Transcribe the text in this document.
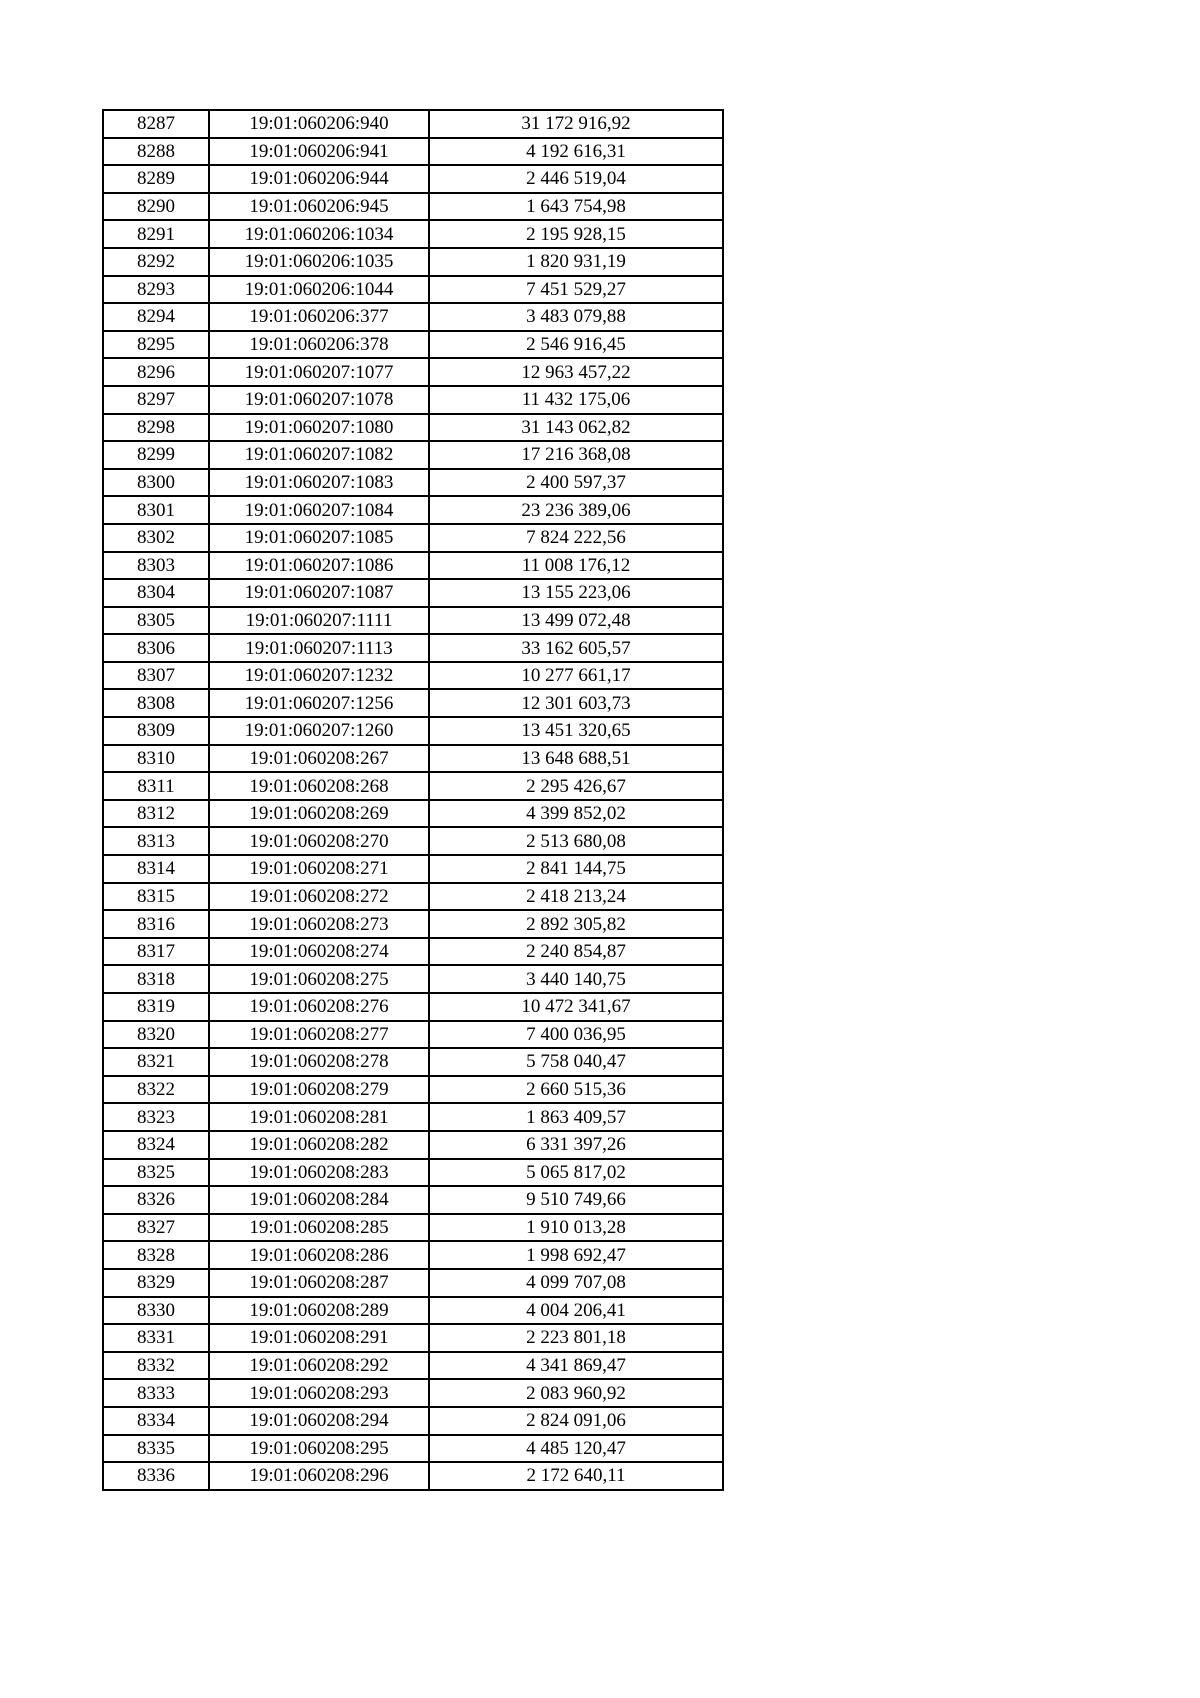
8287	19:01:060206:940	31 172 916,92
8288	19:01:060206:941	4 192 616,31
8289	19:01:060206:944	2 446 519,04
8290	19:01:060206:945	1 643 754,98
8291	19:01:060206:1034	2 195 928,15
8292	19:01:060206:1035	1 820 931,19
8293	19:01:060206:1044	7 451 529,27
8294	19:01:060206:377	3 483 079,88
8295	19:01:060206:378	2 546 916,45
8296	19:01:060207:1077	12 963 457,22
8297	19:01:060207:1078	11 432 175,06
8298	19:01:060207:1080	31 143 062,82
8299	19:01:060207:1082	17 216 368,08
8300	19:01:060207:1083	2 400 597,37
8301	19:01:060207:1084	23 236 389,06
8302	19:01:060207:1085	7 824 222,56
8303	19:01:060207:1086	11 008 176,12
8304	19:01:060207:1087	13 155 223,06
8305	19:01:060207:1111	13 499 072,48
8306	19:01:060207:1113	33 162 605,57
8307	19:01:060207:1232	10 277 661,17
8308	19:01:060207:1256	12 301 603,73
8309	19:01:060207:1260	13 451 320,65
8310	19:01:060208:267	13 648 688,51
8311	19:01:060208:268	2 295 426,67
8312	19:01:060208:269	4 399 852,02
8313	19:01:060208:270	2 513 680,08
8314	19:01:060208:271	2 841 144,75
8315	19:01:060208:272	2 418 213,24
8316	19:01:060208:273	2 892 305,82
8317	19:01:060208:274	2 240 854,87
8318	19:01:060208:275	3 440 140,75
8319	19:01:060208:276	10 472 341,67
8320	19:01:060208:277	7 400 036,95
8321	19:01:060208:278	5 758 040,47
8322	19:01:060208:279	2 660 515,36
8323	19:01:060208:281	1 863 409,57
8324	19:01:060208:282	6 331 397,26
8325	19:01:060208:283	5 065 817,02
8326	19:01:060208:284	9 510 749,66
8327	19:01:060208:285	1 910 013,28
8328	19:01:060208:286	1 998 692,47
8329	19:01:060208:287	4 099 707,08
8330	19:01:060208:289	4 004 206,41
8331	19:01:060208:291	2 223 801,18
8332	19:01:060208:292	4 341 869,47
8333	19:01:060208:293	2 083 960,92
8334	19:01:060208:294	2 824 091,06
8335	19:01:060208:295	4 485 120,47
8336	19:01:060208:296	2 172 640,11
